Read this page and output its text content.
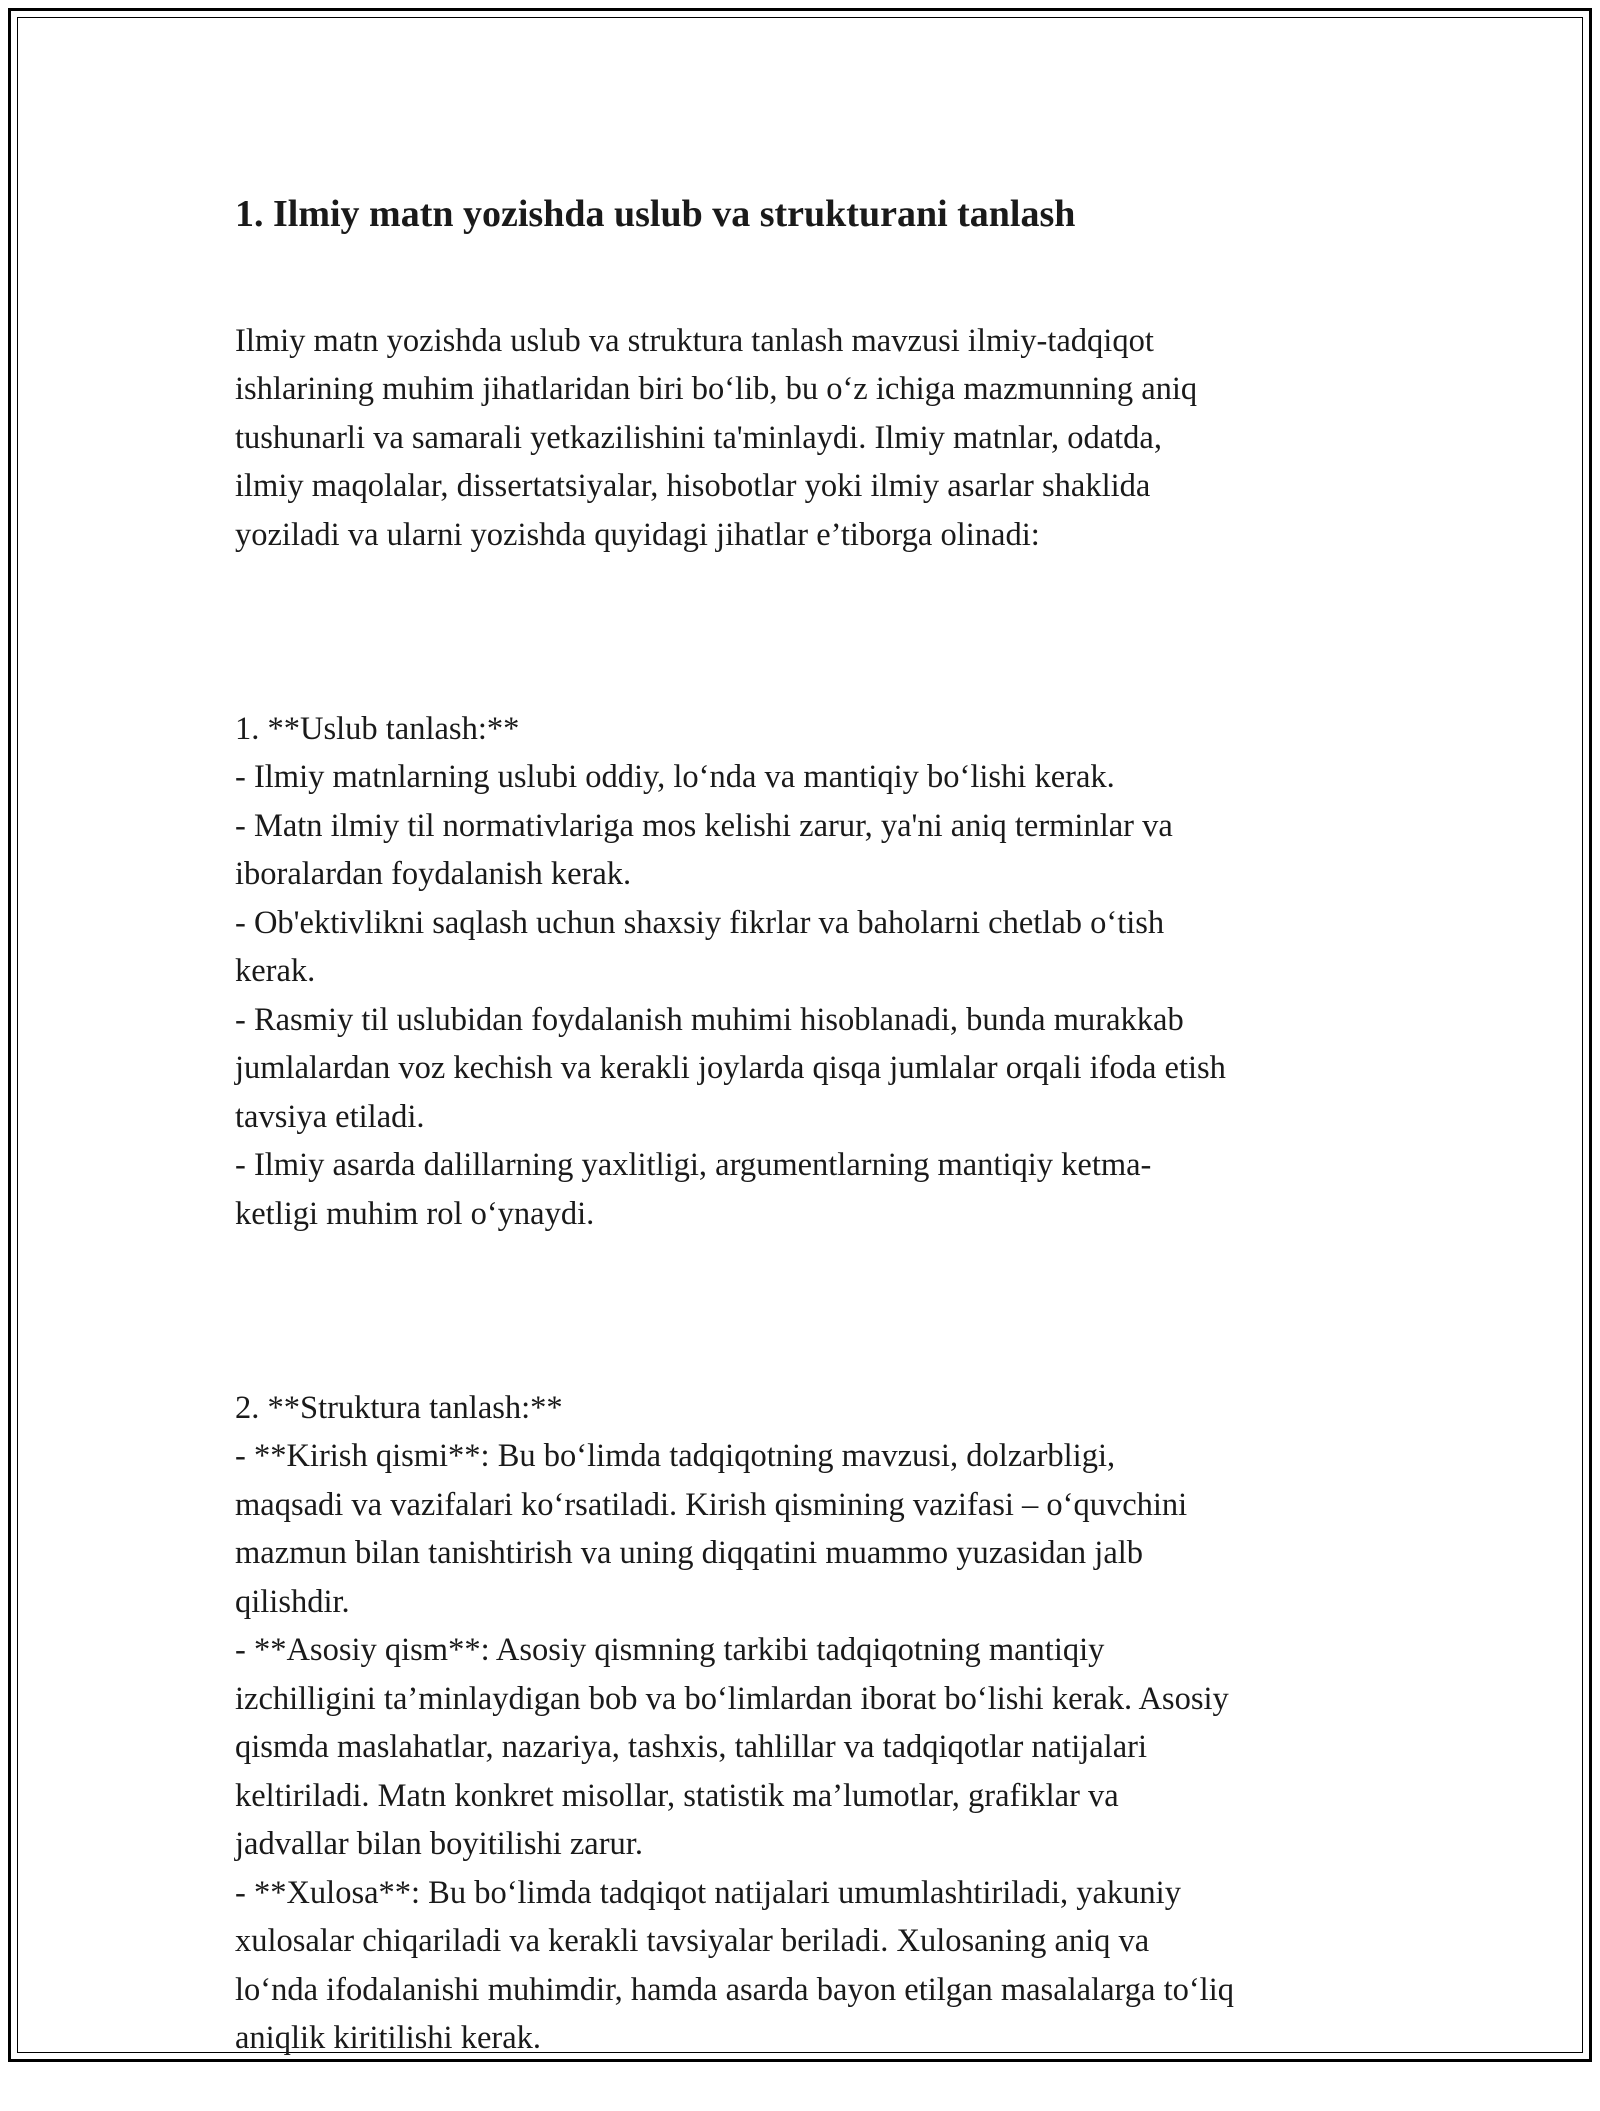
1. Ilmiy matn yozishda uslub va strukturani tanlash

Ilmiy matn yozishda uslub va struktura tanlash mavzusi ilmiy-tadqiqot
ishlarining muhim jihatlaridan biri bo‘lib, bu o‘z ichiga mazmunning aniq
tushunarli va samarali yetkazilishini ta'minlaydi. Ilmiy matnlar, odatda,
ilmiy maqolalar, dissertatsiyalar, hisobotlar yoki ilmiy asarlar shaklida
yoziladi va ularni yozishda quyidagi jihatlar e’tiborga olinadi:

1. **Uslub tanlash:**
- Ilmiy matnlarning uslubi oddiy, lo‘nda va mantiqiy bo‘lishi kerak.
- Matn ilmiy til normativlariga mos kelishi zarur, ya'ni aniq terminlar va
iboralardan foydalanish kerak.
- Ob'ektivlikni saqlash uchun shaxsiy fikrlar va baholarni chetlab o‘tish
kerak.
- Rasmiy til uslubidan foydalanish muhimi hisoblanadi, bunda murakkab
jumlalardan voz kechish va kerakli joylarda qisqa jumlalar orqali ifoda etish
tavsiya etiladi.
- Ilmiy asarda dalillarning yaxlitligi, argumentlarning mantiqiy ketma-
ketligi muhim rol o‘ynaydi.

2. **Struktura tanlash:**
- **Kirish qismi**: Bu bo‘limda tadqiqotning mavzusi, dolzarbligi,
maqsadi va vazifalari ko‘rsatiladi. Kirish qismining vazifasi – o‘quvchini
mazmun bilan tanishtirish va uning diqqatini muammo yuzasidan jalb
qilishdir.
- **Asosiy qism**: Asosiy qismning tarkibi tadqiqotning mantiqiy
izchilligini ta’minlaydigan bob va bo‘limlardan iborat bo‘lishi kerak. Asosiy
qismda maslahatlar, nazariya, tashxis, tahlillar va tadqiqotlar natijalari
keltiriladi. Matn konkret misollar, statistik ma’lumotlar, grafiklar va
jadvallar bilan boyitilishi zarur.
- **Xulosa**: Bu bo‘limda tadqiqot natijalari umumlashtiriladi, yakuniy
xulosalar chiqariladi va kerakli tavsiyalar beriladi. Xulosaning aniq va
lo‘nda ifodalanishi muhimdir, hamda asarda bayon etilgan masalalarga to‘liq
aniqlik kiritilishi kerak.
